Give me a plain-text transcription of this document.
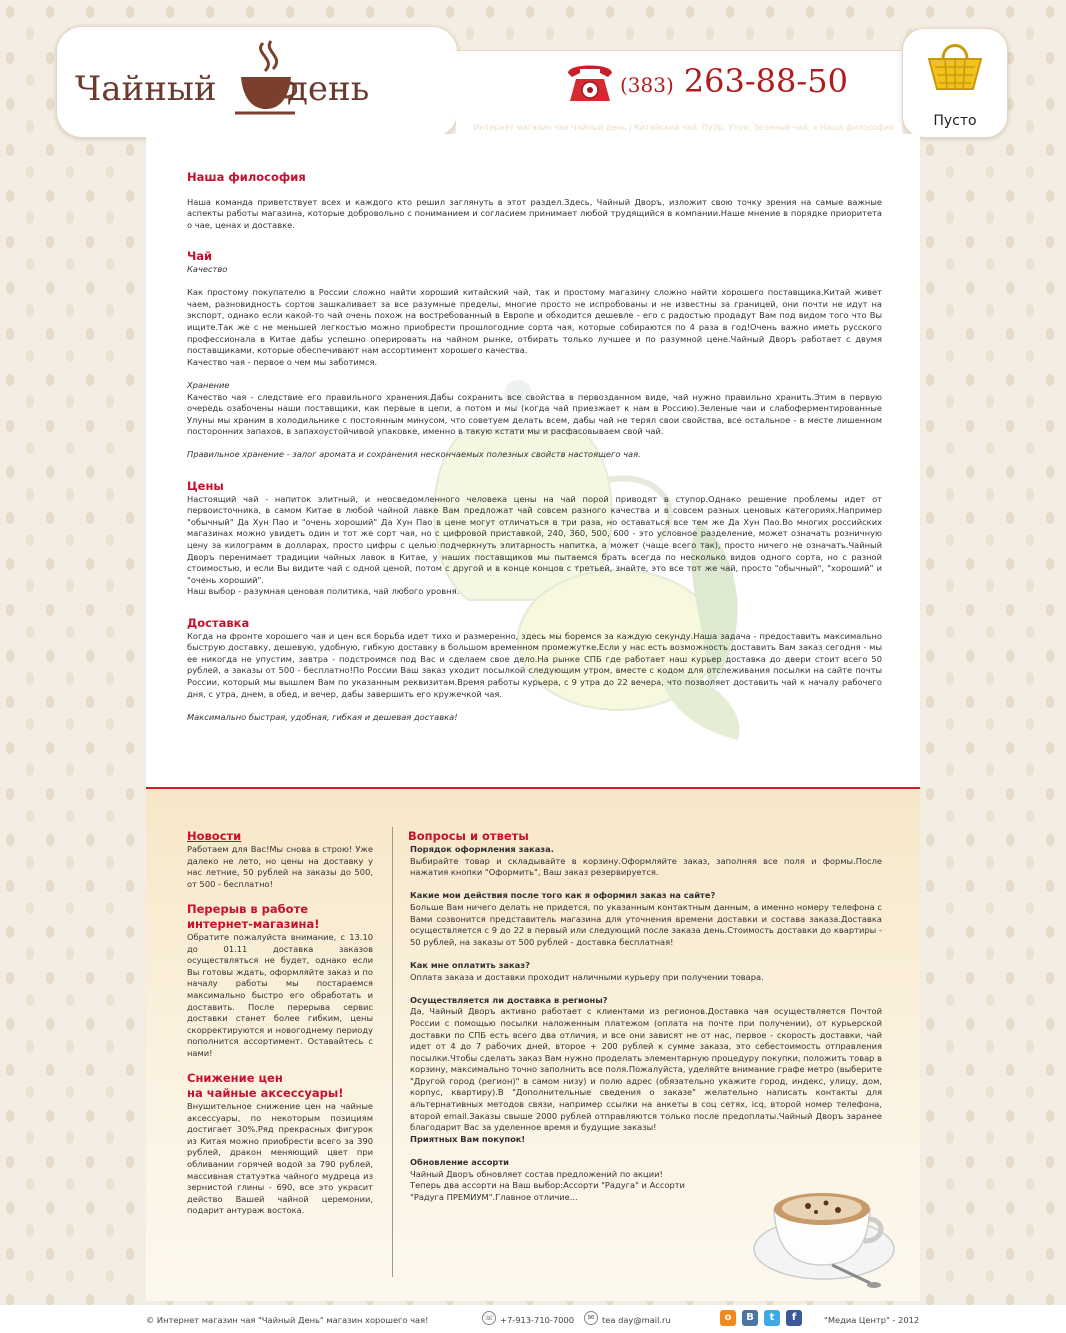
Чайный день	(383) 263-88-50
Интернет магазин чая Чайный день | Китайский чай, ПуЭр, Улун, Зеленый чай. » Наша философия	Пусто
Наша философия

Наша команда приветствует всех и каждого кто решил заглянуть в этот раздел.Здесь, Чайный Дворъ, изложит свою точку зрения на самые важные аспекты работы магазина, которые добровольно с пониманием и согласием принимает любой трудящийся в компании.Наше мнение в порядке приоритета о чае, ценах и доставке.

Чай

Качество

Как простому покупателю в России сложно найти хороший китайский чай, так и простому магазину сложно найти хорошего поставщика.Китай живет чаем, разновидность сортов зашкаливает за все разумные пределы, многие просто не испробованы и не известны за границей, они почти не идут на экспорт, однако если какой-то чай очень похож на востребованный в Европе и обходится дешевле - его с радостью продадут Вам под видом того что Вы ищите.Так же с не меньшей легкостью можно приобрести прошлогодние сорта чая, которые собираются по 4 раза в год!Очень важно иметь русского профессионала в Китае дабы успешно оперировать на чайном рынке, отбирать только лучшее и по разумной цене.Чайный Дворъ работает с двумя поставщиками, которые обеспечивают нам ассортимент хорошего качества.

Качество чая - первое о чем мы заботимся.

Хранение

Качество чая - следствие его правильного хранения.Дабы сохранить все свойства в первозданном виде, чай нужно правильно хранить.Этим в первую очередь озабочены наши поставщики, как первые в цепи, а потом и мы (когда чай приезжает к нам в Россию).Зеленые чаи и слабоферментированные Улуны мы храним в холодильнике с постоянным минусом, что советуем делать всем, дабы чай не терял свои свойства, все остальное - в месте лишенном посторонних запахов, в запахоустойчивой упаковке, именно в такую кстати мы и расфасовываем свой чай.

Правильное хранение - залог аромата и сохранения нескончаемых полезных свойств настоящего чая.

Цены

Настоящий чай - напиток элитный, и неосведомленного человека цены на чай порой приводят в ступор.Однако решение проблемы идет от первоисточника, в самом Китае в любой чайной лавке Вам предложат чай совсем разного качества и в совсем разных ценовых категориях.Например "обычный" Да Хун Пао и "очень хороший" Да Хун Пао в цене могут отличаться в три раза, но оставаться все тем же Да Хун Пао.Во многих российских магазинах можно увидеть один и тот же сорт чая, но с цифровой приставкой, 240, 360, 500, 600 - это условное разделение, может означать розничную цену за килограмм в долларах, просто цифры с целью подчеркнуть элитарность напитка, а может (чаще всего так), просто ничего не означать.Чайный Дворъ перенимает традиции чайных лавок в Китае, у наших поставщиков мы пытаемся брать всегда по несколько видов одного сорта, но с разной стоимостью, и если Вы видите чай с одной ценой, потом с другой и в конце концов с третьей, знайте, это все тот же чай, просто "обычный", "хороший" и "очень хороший".

Наш выбор - разумная ценовая политика, чай любого уровня.

Доставка

Когда на фронте хорошего чая и цен вся борьба идет тихо и размеренно, здесь мы боремся за каждую секунду.Наша задача - предоставить максимально быструю доставку, дешевую, удобную, гибкую доставку в большом временном промежутке.Если у нас есть возможность доставить Вам заказ сегодня - мы ее никогда не упустим, завтра - подстроимся под Вас и сделаем свое дело.На рынке СПБ где работает наш курьер доставка до двери стоит всего 50 рублей, а заказы от 500 - бесплатно!По России Ваш заказ уходит посылкой следующим утром, вместе с кодом для отслеживания посылки на сайте почты России, который мы вышлем Вам по указанным реквизитам.Время работы курьера, с 9 утра до 22 вечера, что позволяет доставить чай к началу рабочего дня, с утра, днем, в обед, и вечер, дабы завершить его кружечкой чая.

Максимально быстрая, удобная, гибкая и дешевая доставка!

Новости

Работаем для Вас!Мы снова в строю! Уже далеко не лето, но цены на доставку у нас летние, 50 рублей на заказы до 500, от 500 - бесплатно!

Перерыв в работе
интернет-магазина!

Обратите пожалуйста внимание, с 13.10 до 01.11 доставка заказов осуществляться не будет, однако если Вы готовы ждать, оформляйте заказ и по началу работы мы постараемся максимально быстро его обработать и доставить. После перерыва сервис доставки станет более гибким, цены скорректируются и новогоднему периоду пополнится ассортимент. Оставайтесь с нами!

Снижение цен
на чайные аксессуары!

Внушительное снижение цен на чайные аксессуары, по некоторым позициям достигает 30%.Ряд прекрасных фигурок из Китая можно приобрести всего за 390 рублей, дракон меняющий цвет при обливании горячей водой за 790 рублей, массивная статуэтка чайного мудреца из зернистой глины - 690, все это украсит действо Вашей чайной церемонии, подарит антураж востока.

Вопросы и ответы

Порядок оформления заказа.

Выбирайте товар и складывайте в корзину.Оформляйте заказ, заполняя все поля и формы.После нажатия кнопки "Оформить", Ваш заказ резервируется.

Какие мои действия после того как я оформил заказ на сайте?

Больше Вам ничего делать не придется, по указанным контактным данным, а именно номеру телефона с Вами созвонится представитель магазина для уточнения времени доставки и состава заказа.Доставка осуществляется с 9 до 22 в первый или следующий после заказа день.Стоимость доставки до квартиры - 50 рублей, на заказы от 500 рублей - доставка бесплатная!

Как мне оплатить заказ?

Оплата заказа и доставки проходит наличными курьеру при получении товара.

Осуществляется ли доставка в регионы?

Да, Чайный Дворъ активно работает с клиентами из регионов.Доставка чая осуществляется Почтой России с помощью посылки наложенным платежом (оплата на почте при получении), от курьерской доставки по СПБ есть всего два отличия, и все они зависят не от нас, первое - скорость доставки, чай идет от 4 до 7 рабочих дней, второе + 200 рублей к сумме заказа, это себестоимость отправления посылки.Чтобы сделать заказ Вам нужно проделать элементарную процедуру покупки, положить товар в корзину, максимально точно заполнить все поля.Пожалуйста, уделяйте внимание графе метро (выберите "Другой город (регион)" в самом низу) и полю адрес (обязательно укажите город, индекс, улицу, дом, корпус, квартиру).В "Дополнительные сведения о заказе" желательно написать контакты для альтернативных методов связи, например ссылки на анкеты в соц сетях, icq, второй номер телефона, второй email.Заказы свыше 2000 рублей отправляются только после предоплаты.Чайный Дворъ заранее благодарит Вас за уделенное время и будущие заказы!

Приятных Вам покупок!

Обновление ассорти

Чайный Дворъ обновляет состав предложений по акции!

Теперь два ассорти на Ваш выбор:Ассорти "Радуга" и Ассорти

"Радуга ПРЕМИУМ".Главное отличие...

© Интернет магазин чая "Чайный День" магазин хорошего чая!	☏ +7-913-710-7000	✉ tea day@mail.ru	о	В	t	f	"Медиа Центр" - 2012
